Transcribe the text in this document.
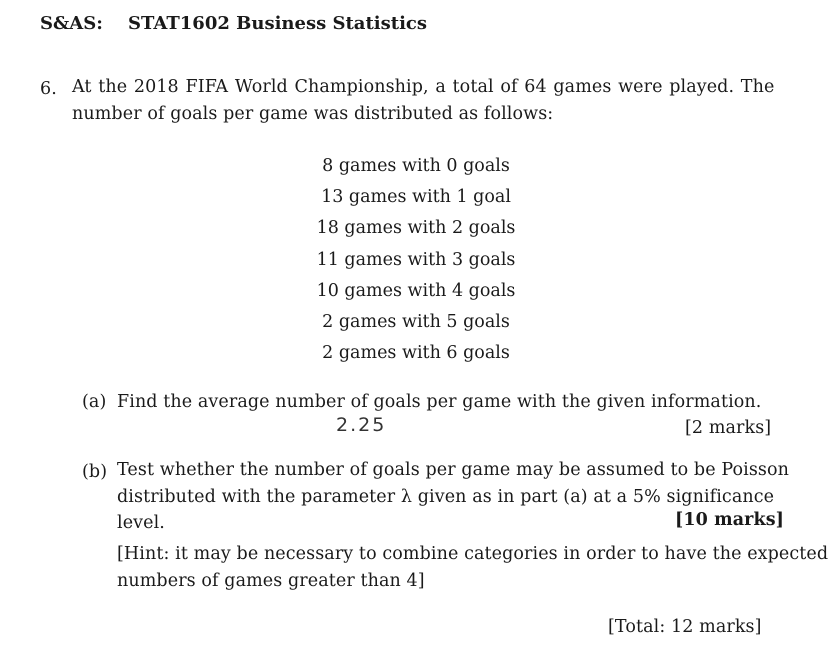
S&AS: STAT1602 Business Statistics
6. At the 2018 FIFA World Championship, a total of 64 games were played. The
number of goals per game was distributed as follows:
8 games with 0 goals
13 games with 1 goal
18 games with 2 goals
11 games with 3 goals
10 games with 4 goals
2 games with 5 goals
2 games with 6 goals
(a) Find the average number of goals per game with the given information.
2.25	[2 marks]
(b) Test whether the number of goals per game may be assumed to be Poisson
distributed with the parameter λ given as in part (a) at a 5% significance
level.	[10 marks]
[Hint: it may be necessary to combine categories in order to have the expected
numbers of games greater than 4]
[Total: 12 marks]
